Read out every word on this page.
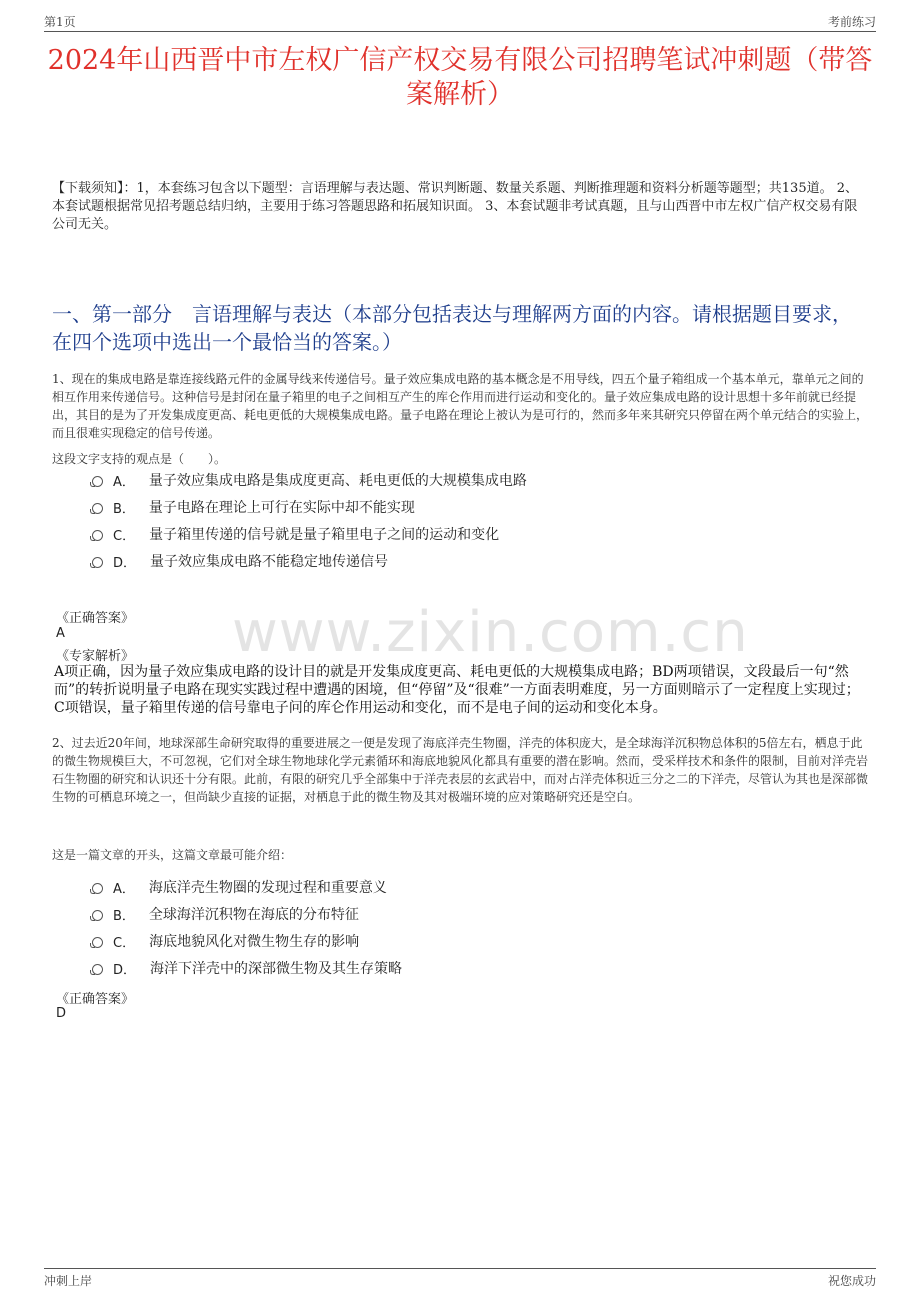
第1页	考前练习
www.zixin.com.cn
2024年山西晋中市左权广信产权交易有限公司招聘笔试冲刺题（带答案解析）
【下载须知】：1，本套练习包含以下题型：言语理解与表达题、常识判断题、数量关系题、判断推理题和资料分析题等题型；共135道。 2、本套试题根据常见招考题总结归纳，主要用于练习答题思路和拓展知识面。 3、本套试题非考试真题，且与山西晋中市左权广信产权交易有限公司无关。
一、第一部分　言语理解与表达（本部分包括表达与理解两方面的内容。请根据题目要求，在四个选项中选出一个最恰当的答案。）
1、现在的集成电路是靠连接线路元件的金属导线来传递信号。量子效应集成电路的基本概念是不用导线，四五个量子箱组成一个基本单元，靠单元之间的相互作用来传递信号。这种信号是封闭在量子箱里的电子之间相互产生的库仑作用而进行运动和变化的。量子效应集成电路的设计思想十多年前就已经提出，其目的是为了开发集成度更高、耗电更低的大规模集成电路。量子电路在理论上被认为是可行的，然而多年来其研究只停留在两个单元结合的实验上，而且很难实现稳定的信号传递。
这段文字支持的观点是（　　）。
A． 量子效应集成电路是集成度更高、耗电更低的大规模集成电路
B． 量子电路在理论上可行在实际中却不能实现
C． 量子箱里传递的信号就是量子箱里电子之间的运动和变化
D． 量子效应集成电路不能稳定地传递信号
《正确答案》
A
《专家解析》
A项正确，因为量子效应集成电路的设计目的就是开发集成度更高、耗电更低的大规模集成电路；BD两项错误，文段最后一句“然而”的转折说明量子电路在现实实践过程中遭遇的困境，但“停留”及“很难”一方面表明难度，另一方面则暗示了一定程度上实现过；C项错误，量子箱里传递的信号靠电子问的库仑作用运动和变化，而不是电子间的运动和变化本身。
2、过去近20年间，地球深部生命研究取得的重要进展之一便是发现了海底洋壳生物圈，洋壳的体积庞大，是全球海洋沉积物总体积的5倍左右，栖息于此的微生物规模巨大，不可忽视，它们对全球生物地球化学元素循环和海底地貌风化都具有重要的潜在影响。然而，受采样技术和条件的限制，目前对洋壳岩石生物圈的研究和认识还十分有限。此前，有限的研究几乎全部集中于洋壳表层的玄武岩中，而对占洋壳体积近三分之二的下洋壳，尽管认为其也是深部微生物的可栖息环境之一，但尚缺少直接的证据，对栖息于此的微生物及其对极端环境的应对策略研究还是空白。
这是一篇文章的开头，这篇文章最可能介绍：
A． 海底洋壳生物圈的发现过程和重要意义
B． 全球海洋沉积物在海底的分布特征
C． 海底地貌风化对微生物生存的影响
D． 海洋下洋壳中的深部微生物及其生存策略
《正确答案》
D
冲刺上岸	祝您成功
